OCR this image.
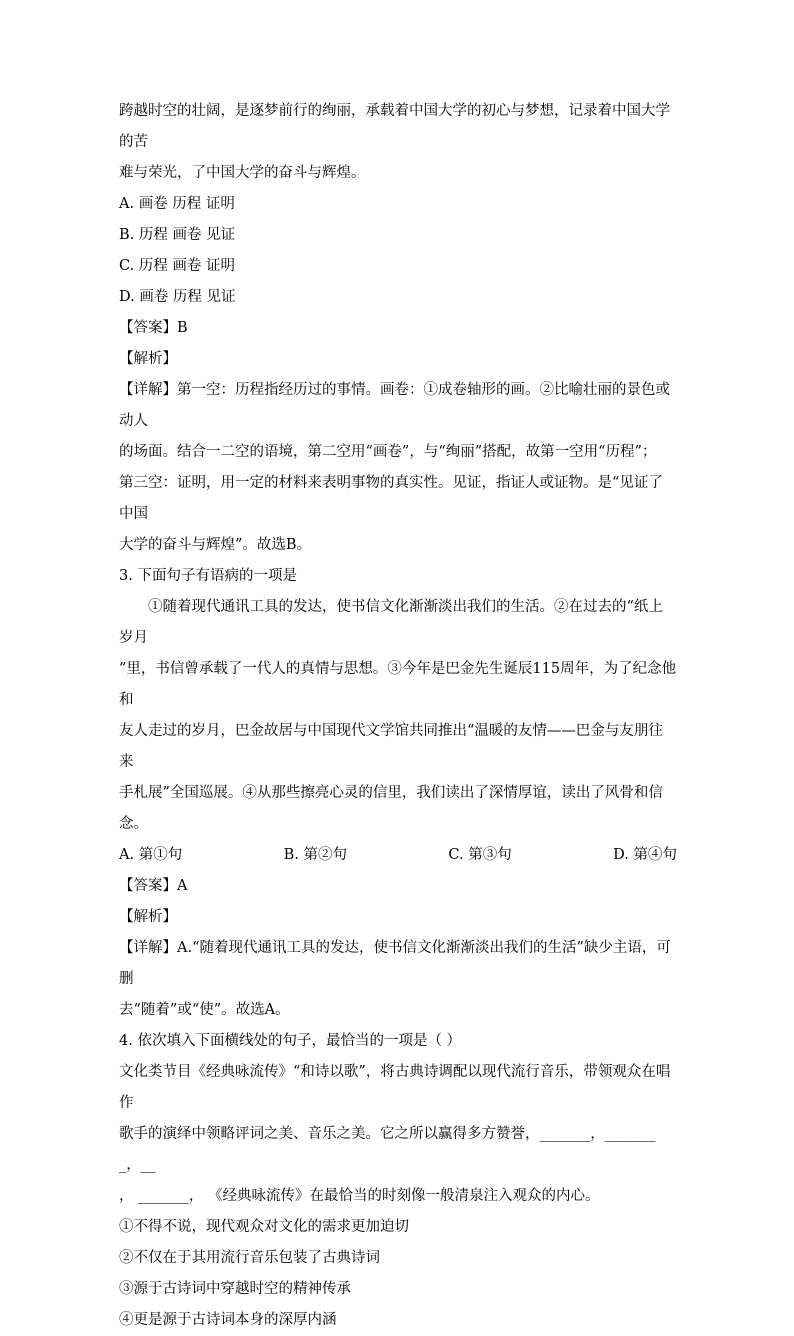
跨越时空的壮阔，是逐梦前行的绚丽，承载着中国大学的初心与梦想，记录着中国大学的苦
难与荣光，了中国大学的奋斗与辉煌。
A. 画卷 历程 证明
B. 历程 画卷 见证
C. 历程 画卷 证明
D. 画卷 历程 见证
【答案】B
【解析】
【详解】第一空：历程指经历过的事情。画卷：①成卷轴形的画。②比喻壮丽的景色或动人
的场面。结合一二空的语境，第二空用“画卷”，与“绚丽”搭配，故第一空用“历程”；
第三空：证明，用一定的材料来表明事物的真实性。见证，指证人或证物。是“见证了中国
大学的奋斗与辉煌”。故选B。
3. 下面句子有语病的一项是
①随着现代通讯工具的发达，使书信文化渐渐淡出我们的生活。②在过去的“纸上岁月
”里，书信曾承载了一代人的真情与思想。③今年是巴金先生诞辰115周年，为了纪念他和
友人走过的岁月，巴金故居与中国现代文学馆共同推出“温暖的友情——巴金与友朋往来
手札展”全国巡展。④从那些擦亮心灵的信里，我们读出了深情厚谊，读出了风骨和信念。
A. 第①句	B. 第②句	C. 第③句	D. 第④句
【答案】A
【解析】
【详解】A.“随着现代通讯工具的发达，使书信文化渐渐淡出我们的生活”缺少主语，可删
去“随着”或“使”。故选A。
4. 依次填入下面横线处的句子，最恰当的一项是（ ）
文化类节目《经典咏流传》“和诗以歌”，将古典诗调配以现代流行音乐，带领观众在唱作
歌手的演绎中领略评词之美、音乐之美。它之所以赢得多方赞誉，_______，________，__
， _______， 《经典咏流传》在最恰当的时刻像一般清泉注入观众的内心。
①不得不说，现代观众对文化的需求更加迫切
②不仅在于其用流行音乐包装了古典诗词
③源于古诗词中穿越时空的精神传承
④更是源于古诗词本身的深厚内涵
